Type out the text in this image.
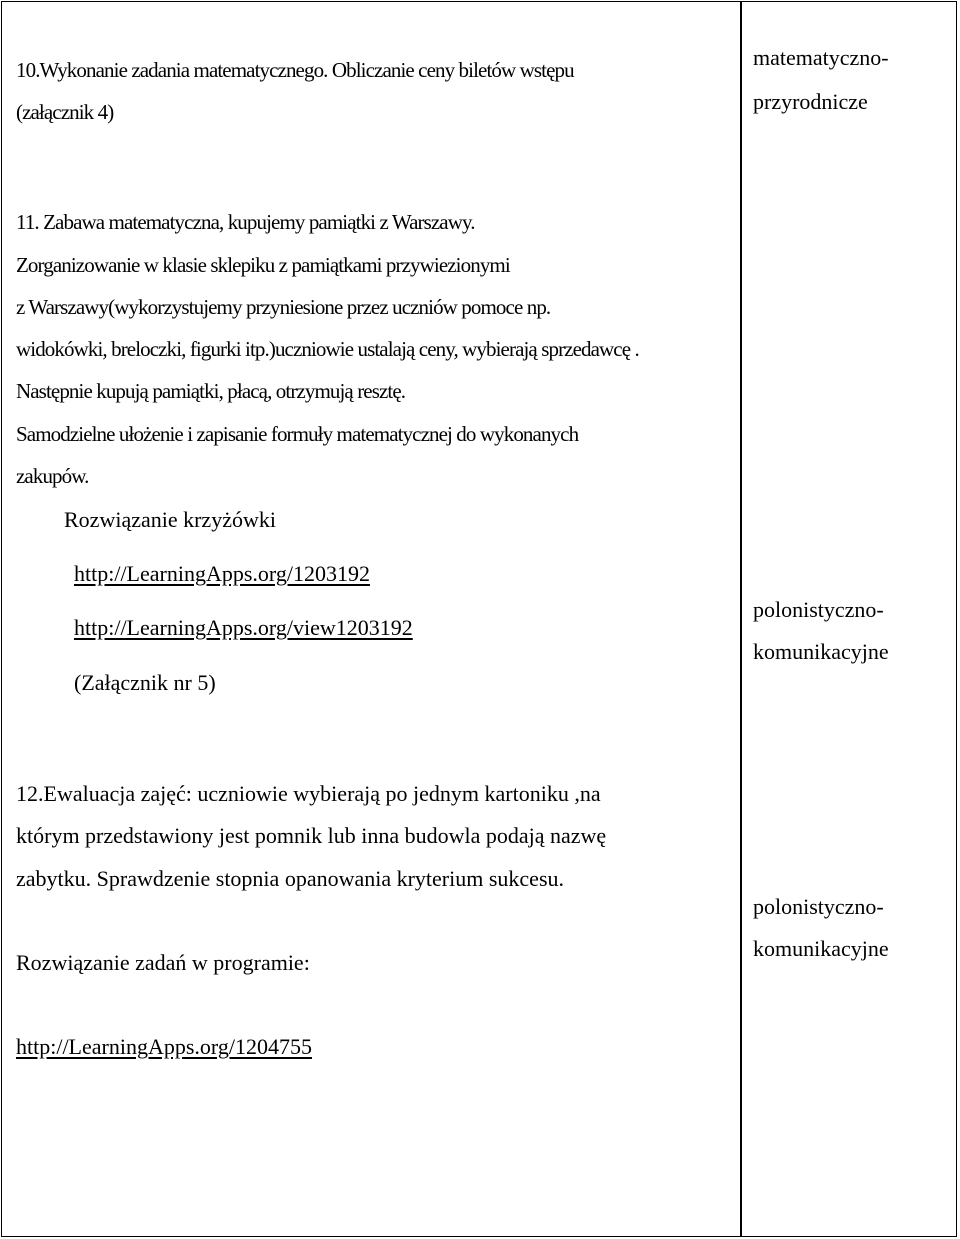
10.Wykonanie zadania matematycznego. Obliczanie ceny biletów wstępu
(załącznik 4)
11. Zabawa matematyczna, kupujemy pamiątki z Warszawy.
Zorganizowanie w klasie sklepiku z pamiątkami przywiezionymi
z Warszawy(wykorzystujemy przyniesione przez uczniów pomoce np.
widokówki, breloczki, figurki itp.)uczniowie ustalają ceny, wybierają sprzedawcę .
Następnie kupują pamiątki, płacą, otrzymują resztę.
Samodzielne ułożenie i zapisanie formuły matematycznej do wykonanych
zakupów.
Rozwiązanie krzyżówki
http://LearningApps.org/1203192
http://LearningApps.org/view1203192
(Załącznik nr 5)
12.Ewaluacja zajęć: uczniowie wybierają po jednym kartoniku ,na
którym przedstawiony jest pomnik lub inna budowla podają nazwę
zabytku. Sprawdzenie stopnia opanowania kryterium sukcesu.
Rozwiązanie zadań w programie:
http://LearningApps.org/1204755
matematyczno-
przyrodnicze
polonistyczno-
komunikacyjne
polonistyczno-
komunikacyjne
